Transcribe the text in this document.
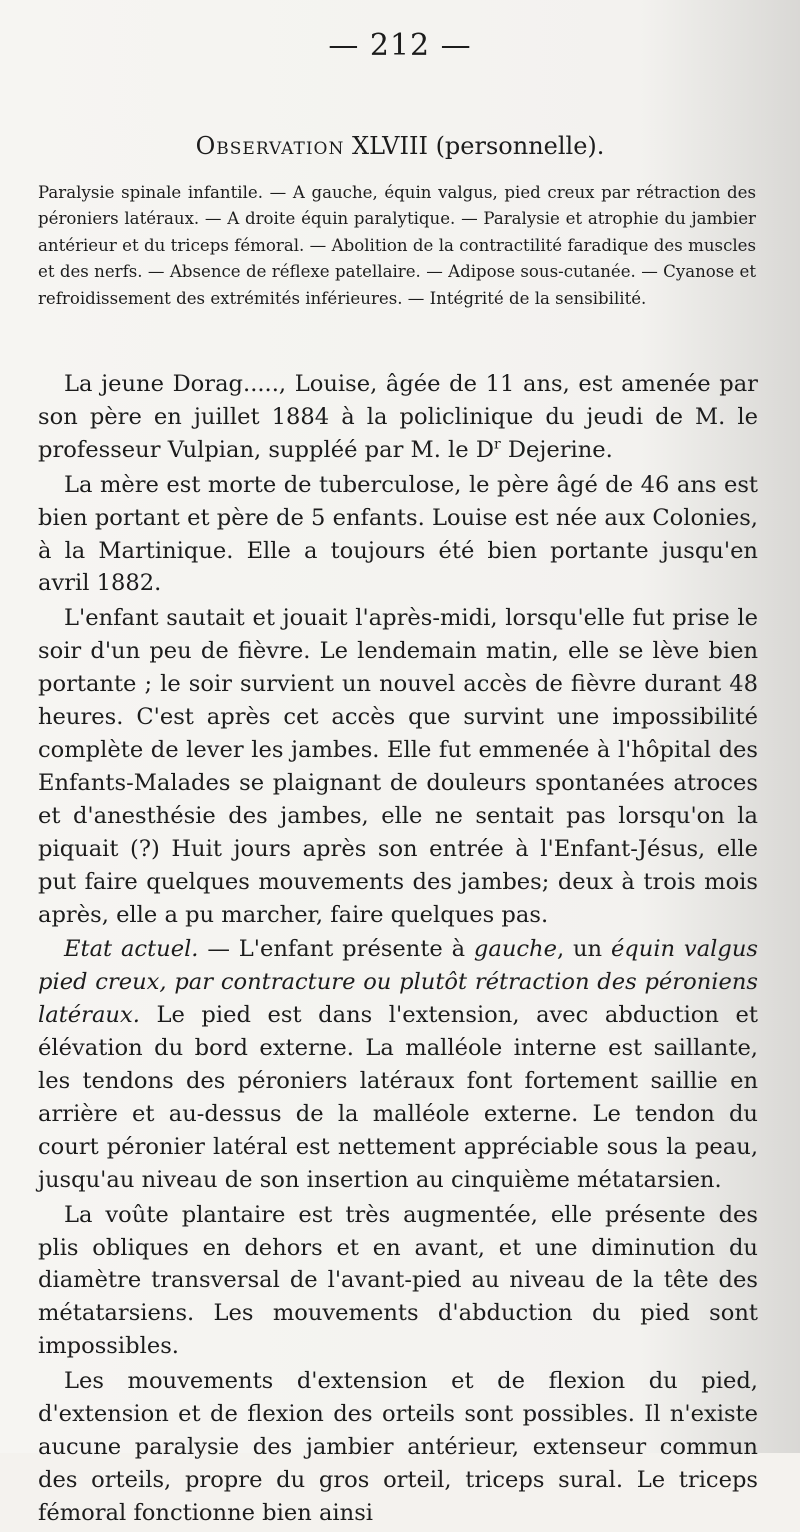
— 212 —
Observation XLVIII (personnelle).
Paralysie spinale infantile. — A gauche, équin valgus, pied creux par rétraction des péroniers latéraux. — A droite équin paralytique. — Paralysie et atrophie du jambier antérieur et du triceps fémoral. — Abolition de la contractilité faradique des muscles et des nerfs. — Absence de réflexe patellaire. — Adipose sous-cutanée. — Cyanose et refroidissement des extrémités inférieures. — Intégrité de la sensibilité.

La jeune Dorag....., Louise, âgée de 11 ans, est amenée par son père en juillet 1884 à la policlinique du jeudi de M. le professeur Vulpian, suppléé par M. le $D^r$ Dejerine.

La mère est morte de tuberculose, le père âgé de 46 ans est bien portant et père de 5 enfants. Louise est née aux Colonies, à la Martinique. Elle a toujours été bien portante jusqu'en avril 1882.

L'enfant sautait et jouait l'après-midi, lorsqu'elle fut prise le soir d'un peu de fièvre. Le lendemain matin, elle se lève bien portante ; le soir survient un nouvel accès de fièvre durant 48 heures. C'est après cet accès que survint une impossibilité complète de lever les jambes. Elle fut emmenée à l'hôpital des Enfants-Malades se plaignant de douleurs spontanées atroces et d'anesthésie des jambes, elle ne sentait pas lorsqu'on la piquait (?) Huit jours après son entrée à l'Enfant-Jésus, elle put faire quelques mouvements des jambes; deux à trois mois après, elle a pu marcher, faire quelques pas.

Etat actuel. — L'enfant présente à gauche, un équin valgus pied creux, par contracture ou plutôt rétraction des péroniens latéraux. Le pied est dans l'extension, avec abduction et élévation du bord externe. La malléole interne est saillante, les tendons des péroniers latéraux font fortement saillie en arrière et au-dessus de la malléole externe. Le tendon du court péronier latéral est nettement appréciable sous la peau, jusqu'au niveau de son insertion au cinquième métatarsien.

La voûte plantaire est très augmentée, elle présente des plis obliques en dehors et en avant, et une diminution du diamètre transversal de l'avant-pied au niveau de la tête des métatarsiens. Les mouvements d'abduction du pied sont impossibles.

Les mouvements d'extension et de flexion du pied, d'extension et de flexion des orteils sont possibles. Il n'existe aucune paralysie des jambier antérieur, extenseur commun des orteils, propre du gros orteil, triceps sural. Le triceps fémoral fonctionne bien ainsi
